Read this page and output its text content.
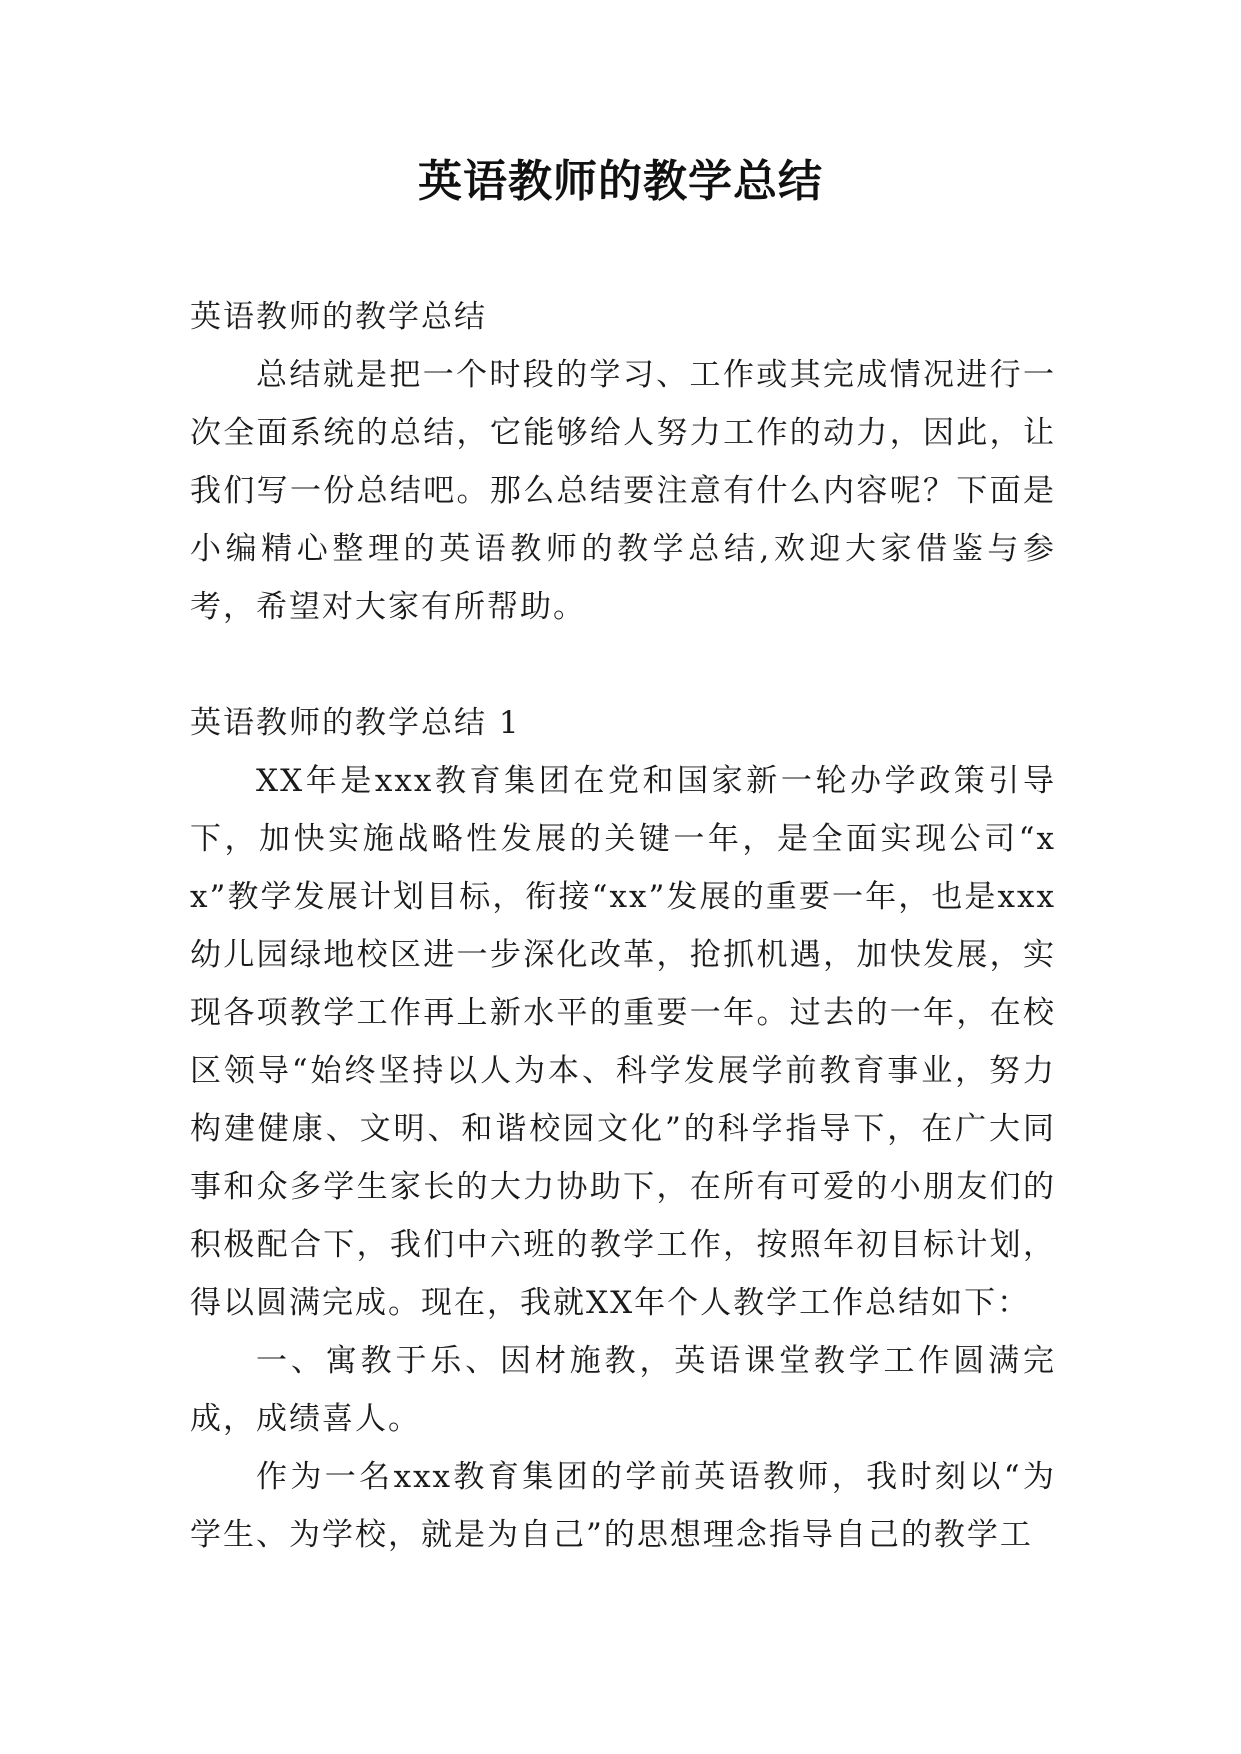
英语教师的教学总结

英语教师的教学总结

总结就是把一个时段的学习、工作或其完成情况进行一次全面系统的总结，它能够给人努力工作的动力，因此，让我们写一份总结吧。那么总结要注意有什么内容呢？下面是小编精心整理的英语教师的教学总结,欢迎大家借鉴与参考，希望对大家有所帮助。

英语教师的教学总结 1

XX年是xxx教育集团在党和国家新一轮办学政策引导下，加快实施战略性发展的关键一年，是全面实现公司“xx”教学发展计划目标，衔接“xx”发展的重要一年，也是xxx幼儿园绿地校区进一步深化改革，抢抓机遇，加快发展，实现各项教学工作再上新水平的重要一年。过去的一年，在校区领导“始终坚持以人为本、科学发展学前教育事业，努力构建健康、文明、和谐校园文化”的科学指导下，在广大同事和众多学生家长的大力协助下，在所有可爱的小朋友们的积极配合下，我们中六班的教学工作，按照年初目标计划，得以圆满完成。现在，我就XX年个人教学工作总结如下：

一、寓教于乐、因材施教，英语课堂教学工作圆满完成，成绩喜人。

作为一名xxx教育集团的学前英语教师，我时刻以“为学生、为学校，就是为自己”的思想理念指导自己的教学工
